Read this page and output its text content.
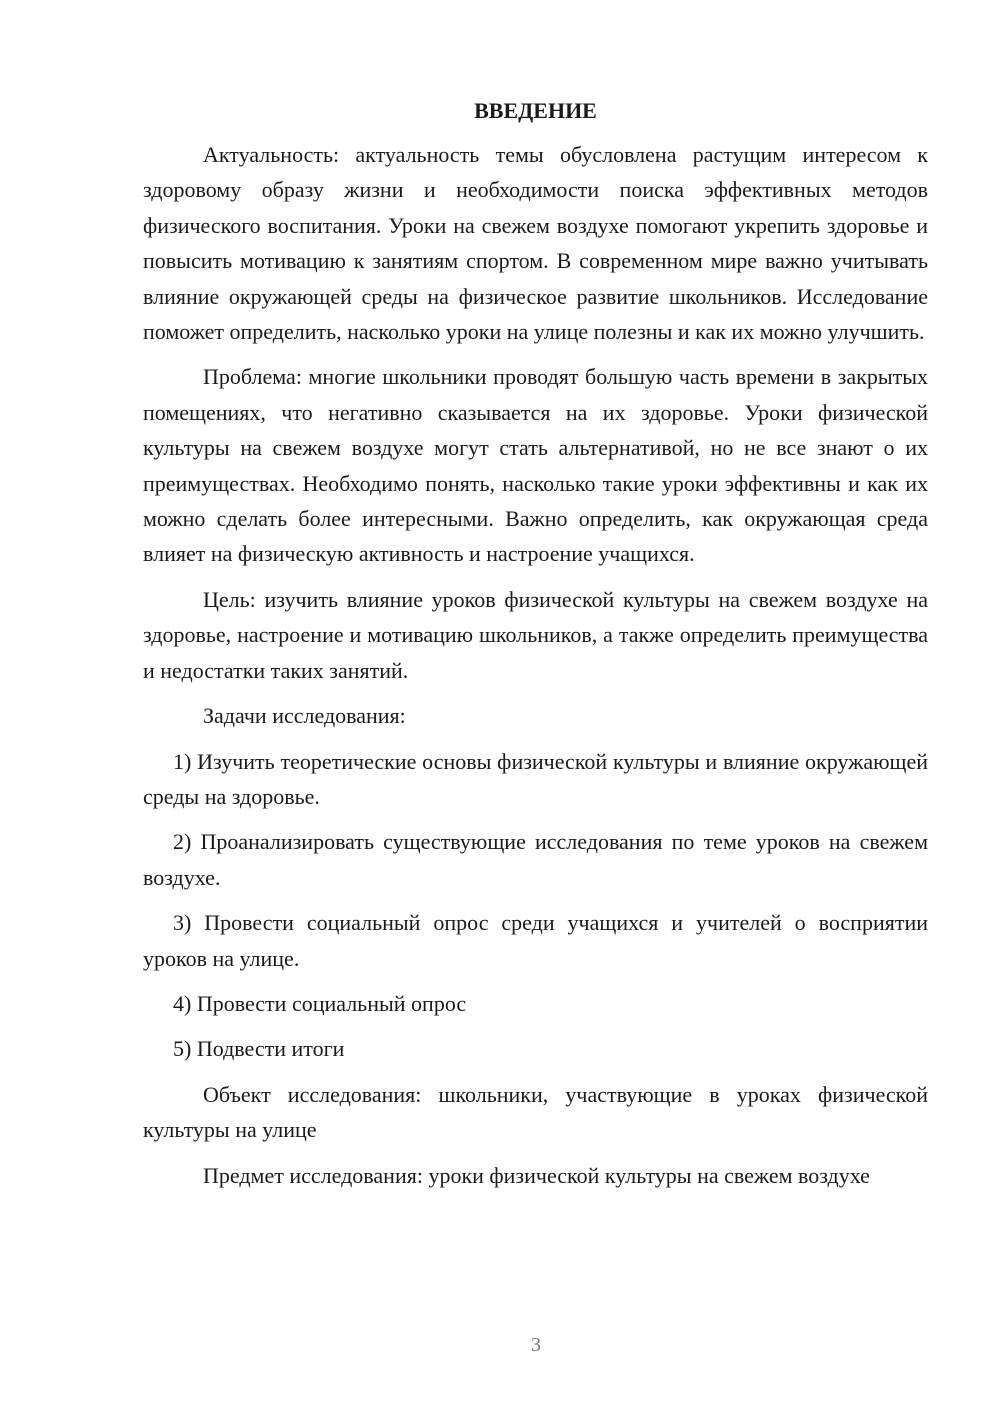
ВВЕДЕНИЕ

Актуальность: актуальность темы обусловлена растущим интересом к здоровому образу жизни и необходимости поиска эффективных методов физического воспитания. Уроки на свежем воздухе помогают укрепить здоровье и повысить мотивацию к занятиям спортом. В современном мире важно учитывать влияние окружающей среды на физическое развитие школьников. Исследование поможет определить, насколько уроки на улице полезны и как их можно улучшить.

Проблема: многие школьники проводят большую часть времени в закрытых помещениях, что негативно сказывается на их здоровье. Уроки физической культуры на свежем воздухе могут стать альтернативой, но не все знают о их преимуществах. Необходимо понять, насколько такие уроки эффективны и как их можно сделать более интересными. Важно определить, как окружающая среда влияет на физическую активность и настроение учащихся.

Цель: изучить влияние уроков физической культуры на свежем воздухе на здоровье, настроение и мотивацию школьников, а также определить преимущества и недостатки таких занятий.

Задачи исследования:

1) Изучить теоретические основы физической культуры и влияние окружающей среды на здоровье.

2) Проанализировать существующие исследования по теме уроков на свежем воздухе.

3) Провести социальный опрос среди учащихся и учителей о восприятии уроков на улице.

4) Провести социальный опрос

5) Подвести итоги

Объект исследования: школьники, участвующие в уроках физической культуры на улице

Предмет исследования: уроки физической культуры на свежем воздухе

3
